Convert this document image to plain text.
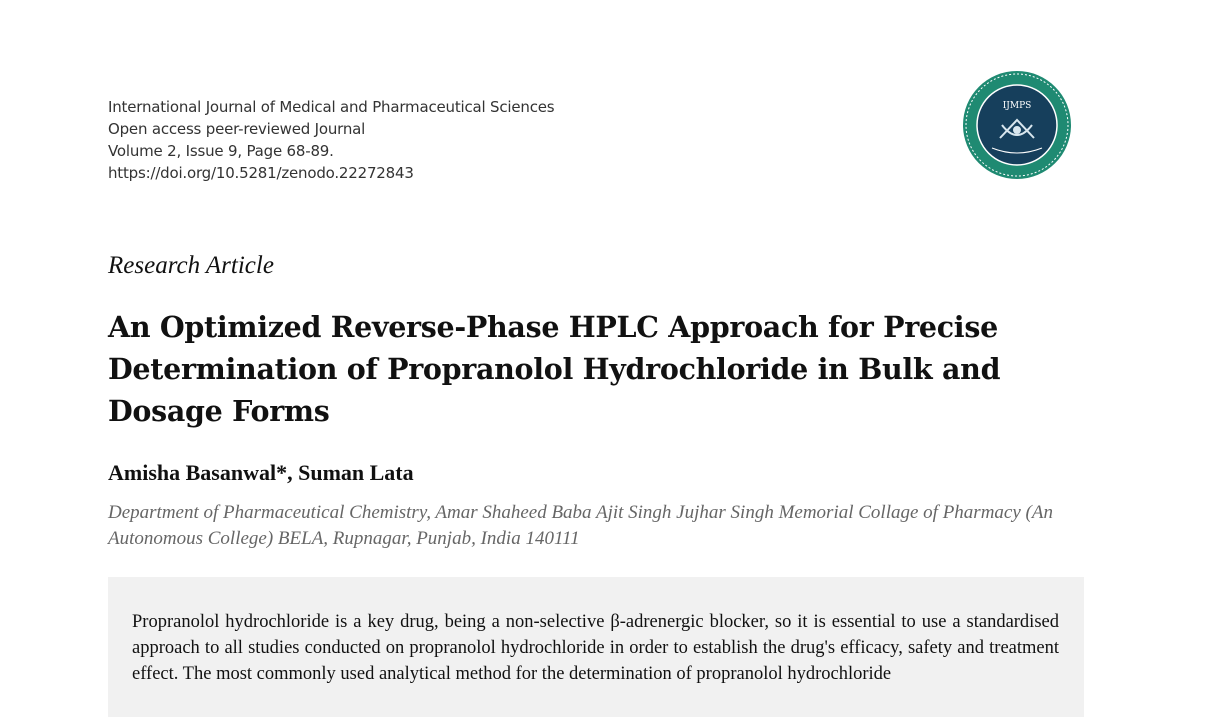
International Journal of Medical and Pharmaceutical Sciences
Open access peer-reviewed Journal
Volume 2, Issue 9, Page 68-89.
https://doi.org/10.5281/zenodo.22272843
IJMPS
Research Article
An Optimized Reverse-Phase HPLC Approach for Precise Determination of Propranolol Hydrochloride in Bulk and Dosage Forms
Amisha Basanwal*, Suman Lata
Department of Pharmaceutical Chemistry, Amar Shaheed Baba Ajit Singh Jujhar Singh Memorial Collage of Pharmacy (An Autonomous College) BELA, Rupnagar, Punjab, India 140111
Propranolol hydrochloride is a key drug, being a non-selective β-adrenergic blocker, so it is essential to use a standardised approach to all studies conducted on propranolol hydrochloride in order to establish the drug's efficacy, safety and treatment effect. The most commonly used analytical method for the determination of propranolol hydrochloride
